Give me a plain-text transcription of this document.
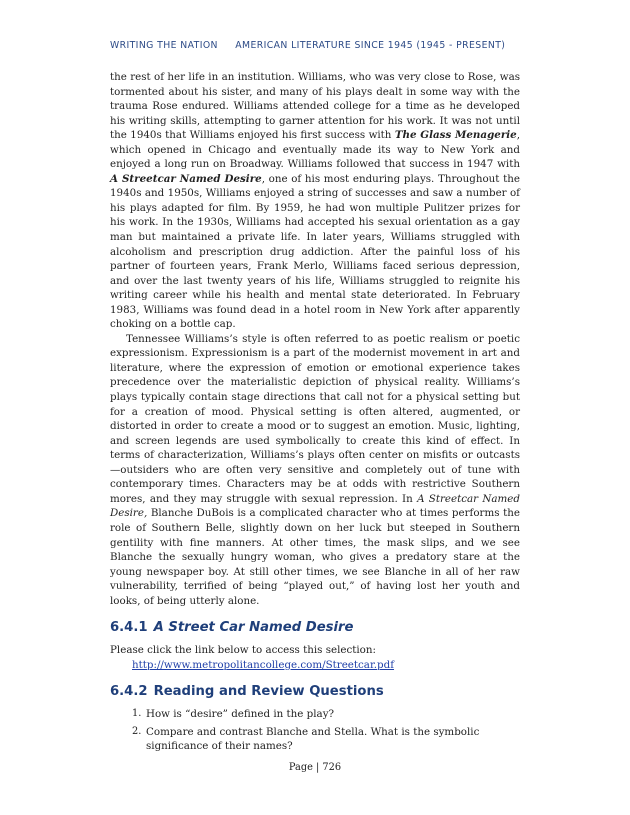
WRITING THE NATION AMERICAN LITERATURE SINCE 1945 (1945 - PRESENT)

the rest of her life in an institution. Williams, who was very close to Rose, was tormented about his sister, and many of his plays dealt in some way with the trauma Rose endured. Williams attended college for a time as he developed his writing skills, attempting to garner attention for his work. It was not until the 1940s that Williams enjoyed his first success with The Glass Menagerie, which opened in Chicago and eventually made its way to New York and enjoyed a long run on Broadway. Williams followed that success in 1947 with A Streetcar Named Desire, one of his most enduring plays. Throughout the 1940s and 1950s, Williams enjoyed a string of successes and saw a number of his plays adapted for film. By 1959, he had won multiple Pulitzer prizes for his work. In the 1930s, Williams had accepted his sexual orientation as a gay man but maintained a private life. In later years, Williams struggled with alcoholism and prescription drug addiction. After the painful loss of his partner of fourteen years, Frank Merlo, Williams faced serious depression, and over the last twenty years of his life, Williams struggled to reignite his writing career while his health and mental state deteriorated. In February 1983, Williams was found dead in a hotel room in New York after apparently choking on a bottle cap.

Tennessee Williams’s style is often referred to as poetic realism or poetic expressionism. Expressionism is a part of the modernist movement in art and literature, where the expression of emotion or emotional experience takes precedence over the materialistic depiction of physical reality. Williams’s plays typically contain stage directions that call not for a physical setting but for a creation of mood. Physical setting is often altered, augmented, or distorted in order to create a mood or to suggest an emotion. Music, lighting, and screen legends are used symbolically to create this kind of effect. In terms of characterization, Williams’s plays often center on misfits or outcasts—outsiders who are often very sensitive and completely out of tune with contemporary times. Characters may be at odds with restrictive Southern mores, and they may struggle with sexual repression. In A Streetcar Named Desire, Blanche DuBois is a complicated character who at times performs the role of Southern Belle, slightly down on her luck but steeped in Southern gentility with fine manners. At other times, the mask slips, and we see Blanche the sexually hungry woman, who gives a predatory stare at the young newspaper boy. At still other times, we see Blanche in all of her raw vulnerability, terrified of being “played out,” of having lost her youth and looks, of being utterly alone.

6.4.1 A Street Car Named Desire

Please click the link below to access this selection:

http://www.metropolitancollege.com/Streetcar.pdf
6.4.2 Reading and Review Questions
1. How is “desire” defined in the play?
2. Compare and contrast Blanche and Stella. What is the symbolic significance of their names?
Page | 726
